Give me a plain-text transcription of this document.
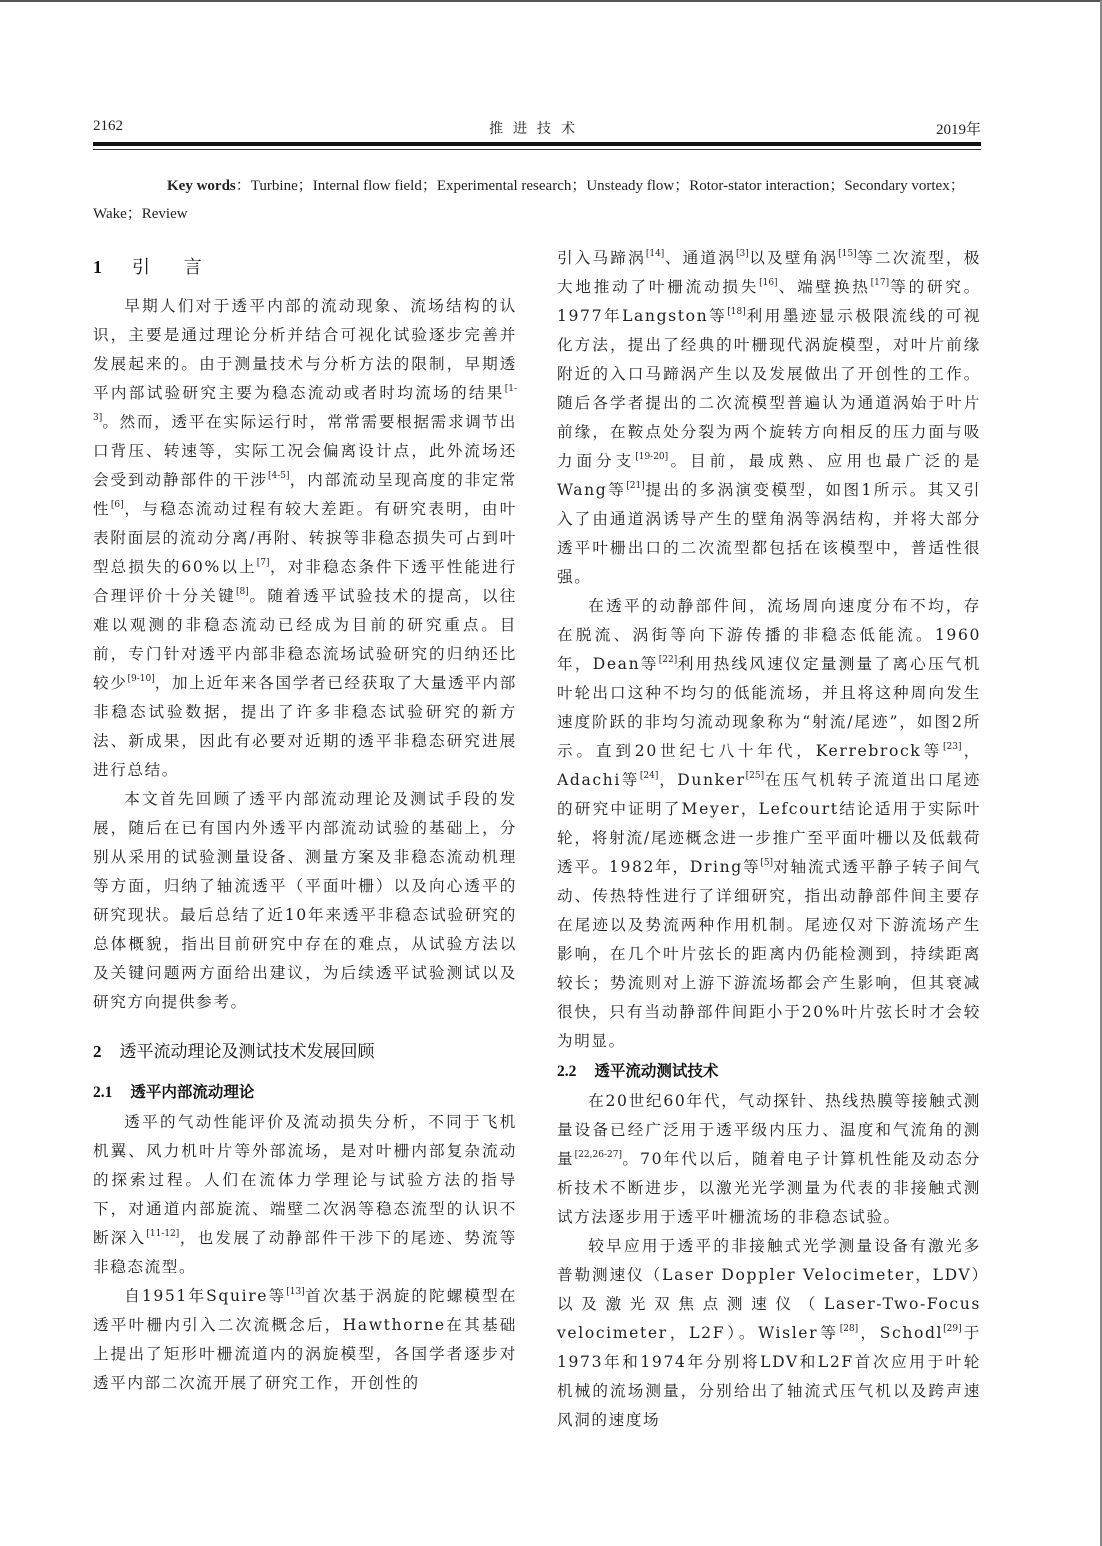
2162	推进技术	2019年
Key words：Turbine；Internal flow field；Experimental research；Unsteady flow；Rotor-stator interaction；Secondary vortex；Wake；Review
1 引 言

早期人们对于透平内部的流动现象、流场结构的认识，主要是通过理论分析并结合可视化试验逐步完善并发展起来的。由于测量技术与分析方法的限制，早期透平内部试验研究主要为稳态流动或者时均流场的结果[1-3]。然而，透平在实际运行时，常常需要根据需求调节出口背压、转速等，实际工况会偏离设计点，此外流场还会受到动静部件的干涉[4-5]，内部流动呈现高度的非定常性[6]，与稳态流动过程有较大差距。有研究表明，由叶表附面层的流动分离/再附、转捩等非稳态损失可占到叶型总损失的60%以上[7]，对非稳态条件下透平性能进行合理评价十分关键[8]。随着透平试验技术的提高，以往难以观测的非稳态流动已经成为目前的研究重点。目前，专门针对透平内部非稳态流场试验研究的归纳还比较少[9-10]，加上近年来各国学者已经获取了大量透平内部非稳态试验数据，提出了许多非稳态试验研究的新方法、新成果，因此有必要对近期的透平非稳态研究进展进行总结。

本文首先回顾了透平内部流动理论及测试手段的发展，随后在已有国内外透平内部流动试验的基础上，分别从采用的试验测量设备、测量方案及非稳态流动机理等方面，归纳了轴流透平（平面叶栅）以及向心透平的研究现状。最后总结了近10年来透平非稳态试验研究的总体概貌，指出目前研究中存在的难点，从试验方法以及关键问题两方面给出建议，为后续透平试验测试以及研究方向提供参考。

2 透平流动理论及测试技术发展回顾
2.1 透平内部流动理论

透平的气动性能评价及流动损失分析，不同于飞机机翼、风力机叶片等外部流场，是对叶栅内部复杂流动的探索过程。人们在流体力学理论与试验方法的指导下，对通道内部旋流、端壁二次涡等稳态流型的认识不断深入[11-12]，也发展了动静部件干涉下的尾迹、势流等非稳态流型。

自1951年Squire等[13]首次基于涡旋的陀螺模型在透平叶栅内引入二次流概念后，Hawthorne在其基础上提出了矩形叶栅流道内的涡旋模型，各国学者逐步对透平内部二次流开展了研究工作，开创性的

引入马蹄涡[14]、通道涡[3]以及壁角涡[15]等二次流型，极大地推动了叶栅流动损失[16]、端壁换热[17]等的研究。1977年Langston等[18]利用墨迹显示极限流线的可视化方法，提出了经典的叶栅现代涡旋模型，对叶片前缘附近的入口马蹄涡产生以及发展做出了开创性的工作。随后各学者提出的二次流模型普遍认为通道涡始于叶片前缘，在鞍点处分裂为两个旋转方向相反的压力面与吸力面分支[19-20]。目前，最成熟、应用也最广泛的是Wang等[21]提出的多涡演变模型，如图1所示。其又引入了由通道涡诱导产生的壁角涡等涡结构，并将大部分透平叶栅出口的二次流型都包括在该模型中，普适性很强。

在透平的动静部件间，流场周向速度分布不均，存在脱流、涡街等向下游传播的非稳态低能流。1960年，Dean等[22]利用热线风速仪定量测量了离心压气机叶轮出口这种不均匀的低能流场，并且将这种周向发生速度阶跃的非均匀流动现象称为“射流/尾迹”，如图2所示。直到20世纪七八十年代，Kerrebrock等[23]，Adachi等[24]，Dunker[25]在压气机转子流道出口尾迹的研究中证明了Meyer，Lefcourt结论适用于实际叶轮，将射流/尾迹概念进一步推广至平面叶栅以及低载荷透平。1982年，Dring等[5]对轴流式透平静子转子间气动、传热特性进行了详细研究，指出动静部件间主要存在尾迹以及势流两种作用机制。尾迹仅对下游流场产生影响，在几个叶片弦长的距离内仍能检测到，持续距离较长；势流则对上游下游流场都会产生影响，但其衰减很快，只有当动静部件间距小于20%叶片弦长时才会较为明显。

2.2 透平流动测试技术

在20世纪60年代，气动探针、热线热膜等接触式测量设备已经广泛用于透平级内压力、温度和气流角的测量[22,26-27]。70年代以后，随着电子计算机性能及动态分析技术不断进步，以激光光学测量为代表的非接触式测试方法逐步用于透平叶栅流场的非稳态试验。

较早应用于透平的非接触式光学测量设备有激光多普勒测速仪（Laser Doppler Velocimeter，LDV）以及激光双焦点测速仪（Laser-Two-Focus velocimeter，L2F）。Wisler等[28]，Schodl[29]于1973年和1974年分别将LDV和L2F首次应用于叶轮机械的流场测量，分别给出了轴流式压气机以及跨声速风洞的速度场
